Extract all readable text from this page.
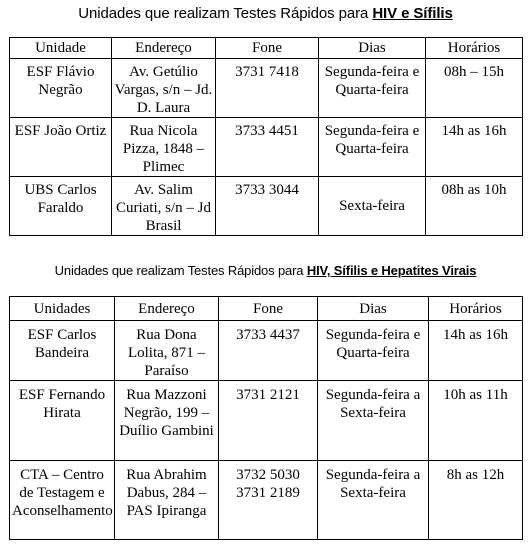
Unidades que realizam Testes Rápidos para HIV e Sífilis
Unidade	Endereço	Fone	Dias	Horários
ESF Flávio Negrão	Av. Getúlio Vargas, s/n – Jd. D. Laura	3731 7418	Segunda-feira e Quarta-feira	08h – 15h
ESF João Ortiz	Rua Nicola Pizza, 1848 – Plimec	3733 4451	Segunda-feira e Quarta-feira	14h as 16h
UBS Carlos Faraldo	Av. Salim Curiati, s/n – Jd Brasil	3733 3044	Sexta-feira	08h as 10h
Unidades que realizam Testes Rápidos para HIV, Sífilis e Hepatites Virais
Unidades	Endereço	Fone	Dias	Horários

ESF Carlos Bandeira	Rua Dona Lolita, 871 – Paraíso	3733 4437	Segunda-feira e Quarta-feira	14h as 16h

ESF Fernando Hirata	Rua Mazzoni Negrão, 199 – Duílio Gambini	3731 2121	Segunda-feira a Sexta-feira	10h as 11h

CTA – Centro de Testagem e Aconselhamento	Rua Abrahim Dabus, 284 – PAS Ipiranga	3732 5030 3731 2189	Segunda-feira a Sexta-feira	8h as 12h
